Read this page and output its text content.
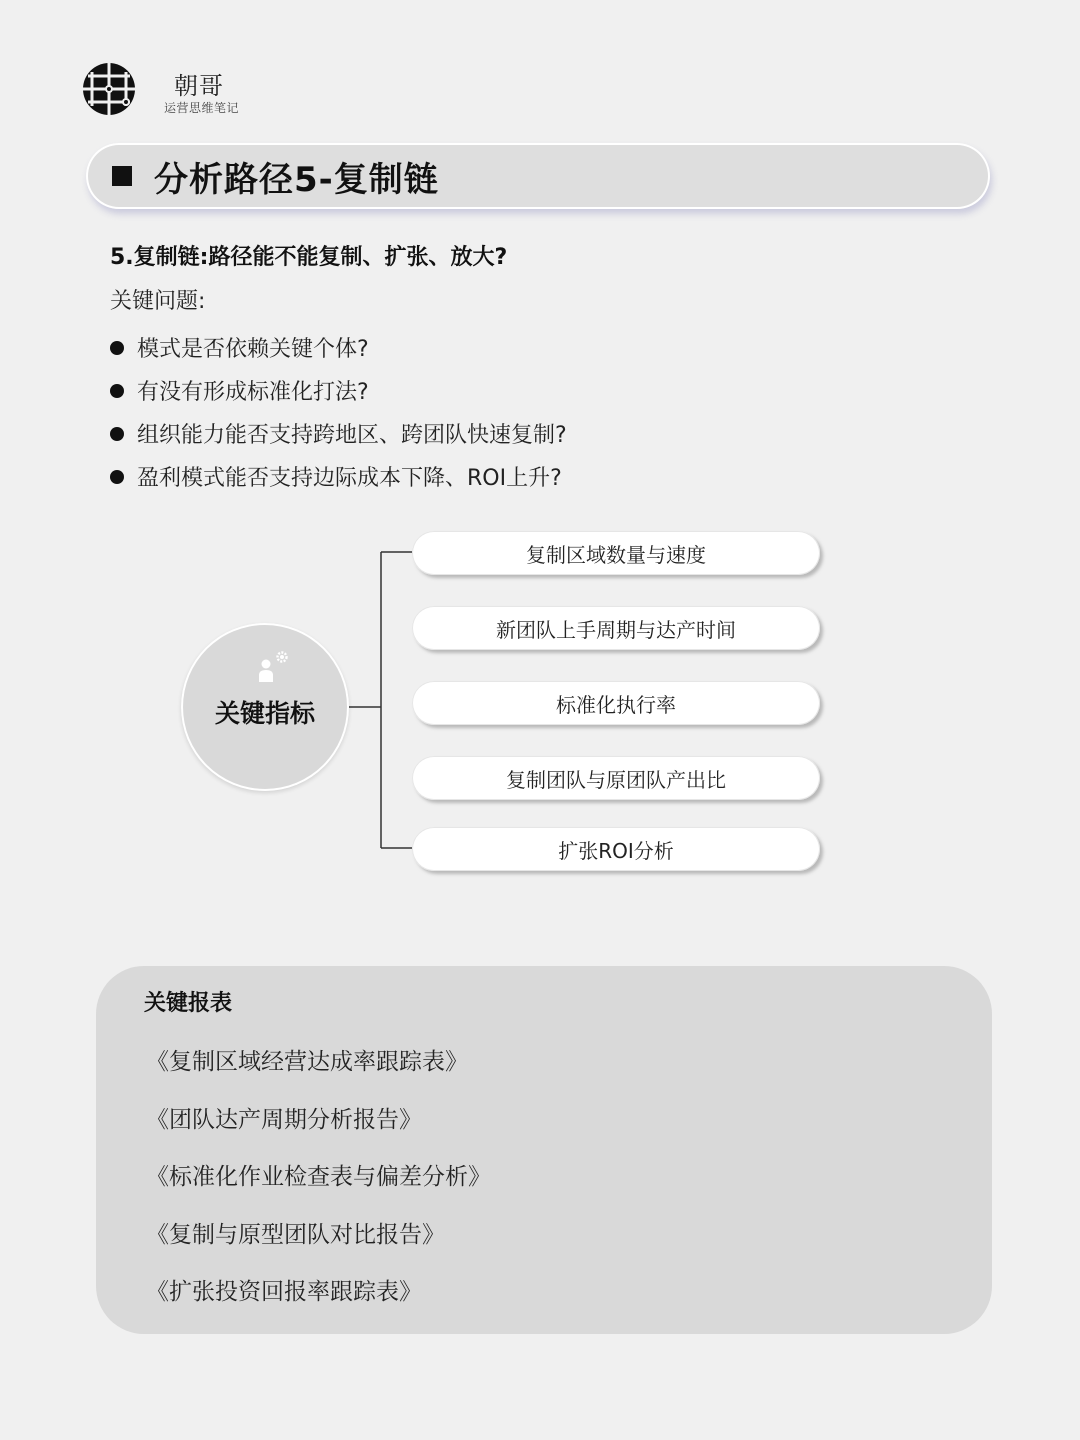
朝哥
运营思维笔记
分析路径5-复制链
5.复制链:路径能不能复制、扩张、放大?
关键问题:
模式是否依赖关键个体?
有没有形成标准化打法?
组织能力能否支持跨地区、跨团队快速复制?
盈利模式能否支持边际成本下降、ROI上升?
关键指标
复制区域数量与速度
新团队上手周期与达产时间
标准化执行率
复制团队与原团队产出比
扩张ROI分析
关键报表
《复制区域经营达成率跟踪表》
《团队达产周期分析报告》
《标准化作业检查表与偏差分析》
《复制与原型团队对比报告》
《扩张投资回报率跟踪表》
